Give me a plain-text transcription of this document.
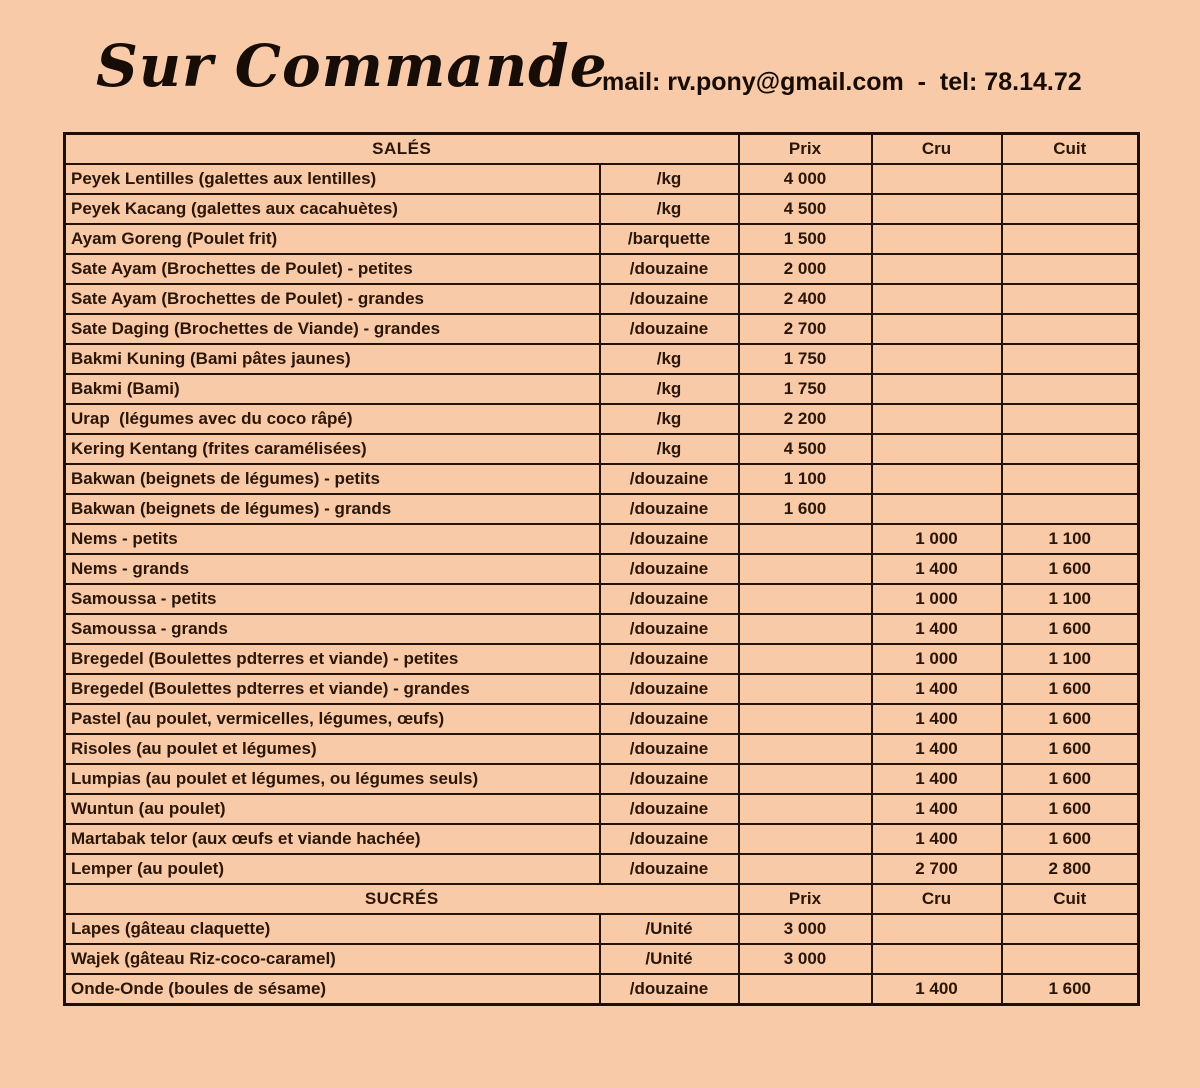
Sur Commande
mail: rv.pony@gmail.com  -  tel: 78.14.72
SALÉS		Prix	Cru	Cuit
Peyek Lentilles (galettes aux lentilles)	/kg	4 000		
Peyek Kacang (galettes aux cacahuètes)	/kg	4 500		
Ayam Goreng (Poulet frit)	/barquette	1 500		
Sate Ayam (Brochettes de Poulet) - petites	/douzaine	2 000		
Sate Ayam (Brochettes de Poulet) - grandes	/douzaine	2 400		
Sate Daging (Brochettes de Viande) - grandes	/douzaine	2 700		
Bakmi Kuning (Bami pâtes jaunes)	/kg	1 750		
Bakmi (Bami)	/kg	1 750		
Urap  (légumes avec du coco râpé)	/kg	2 200		
Kering Kentang (frites caramélisées)	/kg	4 500		
Bakwan (beignets de légumes) - petits	/douzaine	1 100		
Bakwan (beignets de légumes) - grands	/douzaine	1 600		
Nems - petits	/douzaine		1 000	1 100
Nems - grands	/douzaine		1 400	1 600
Samoussa - petits	/douzaine		1 000	1 100
Samoussa - grands	/douzaine		1 400	1 600
Bregedel (Boulettes pdterres et viande) - petites	/douzaine		1 000	1 100
Bregedel (Boulettes pdterres et viande) - grandes	/douzaine		1 400	1 600
Pastel (au poulet, vermicelles, légumes, œufs)	/douzaine		1 400	1 600
Risoles (au poulet et légumes)	/douzaine		1 400	1 600
Lumpias (au poulet et légumes, ou légumes seuls)	/douzaine		1 400	1 600
Wuntun (au poulet)	/douzaine		1 400	1 600
Martabak telor (aux œufs et viande hachée)	/douzaine		1 400	1 600
Lemper (au poulet)	/douzaine		2 700	2 800
SUCRÉS		Prix	Cru	Cuit
Lapes (gâteau claquette)	/Unité	3 000		
Wajek (gâteau Riz-coco-caramel)	/Unité	3 000		
Onde-Onde (boules de sésame)	/douzaine		1 400	1 600
